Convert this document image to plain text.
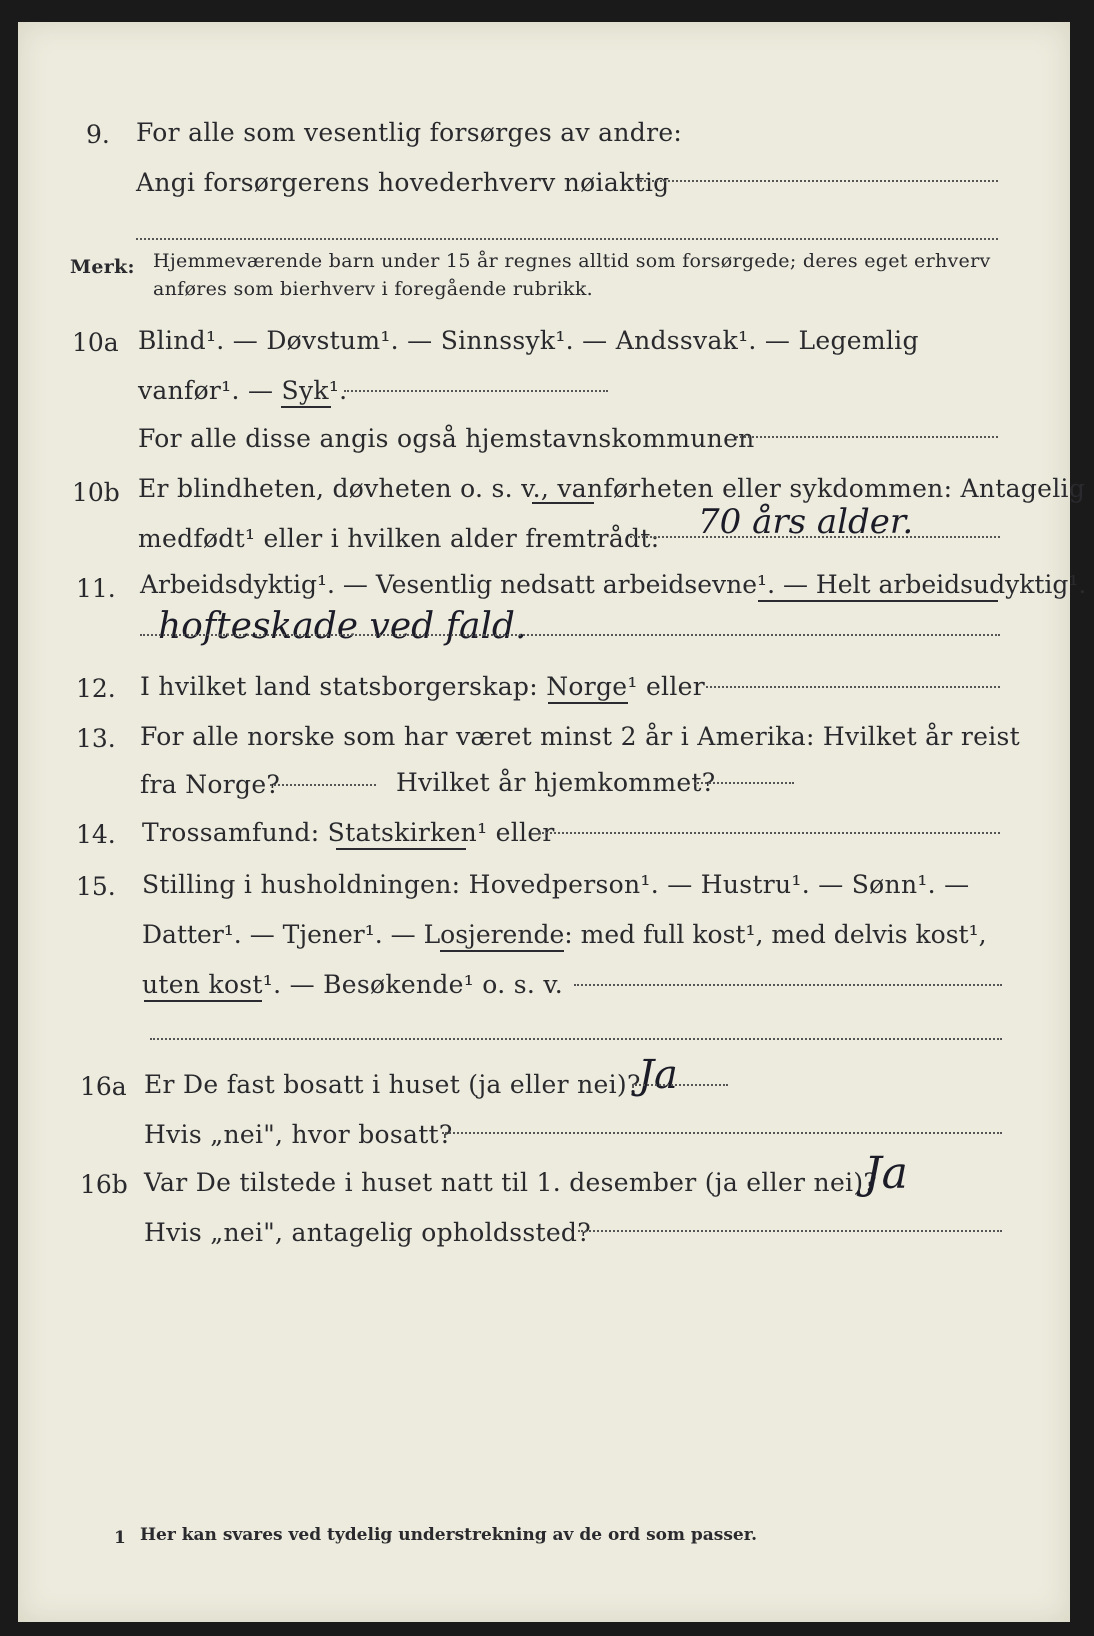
9. For alle som vesentlig forsørges av andre:
Angi forsørgerens hovederhverv nøiaktig
Merk: Hjemmeværende barn under 15 år regnes alltid som forsørgede; deres eget erhverv
anføres som bierhverv i foregående rubrikk.
10a Blind¹. — Døvstum¹. — Sinnssyk¹. — Andssvak¹. — Legemlig
vanfør¹. — Syk¹.
For alle disse angis også hjemstavnskommunen
10b Er blindheten, døvheten o. s. v., vanførheten eller sykdommen: Antagelig
medfødt¹ eller i hvilken alder fremtrådt: 70 års alder.
11. Arbeidsdyktig¹. — Vesentlig nedsatt arbeidsevne¹. — Helt arbeidsudyktig¹.
hofteskade ved fald.
12. I hvilket land statsborgerskap: Norge¹ eller
13. For alle norske som har været minst 2 år i Amerika: Hvilket år reist
fra Norge?	Hvilket år hjemkommet?
14. Trossamfund: Statskirken¹ eller
15. Stilling i husholdningen: Hovedperson¹. — Hustru¹. — Sønn¹. —
Datter¹. — Tjener¹. — Losjerende: med full kost¹, med delvis kost¹,
uten kost¹. — Besøkende¹ o. s. v.
16a Er De fast bosatt i huset (ja eller nei)?
Ja
Hvis „nei", hvor bosatt?
16b Var De tilstede i huset natt til 1. desember (ja eller nei)?
Ja
Hvis „nei", antagelig opholdssted?
1 Her kan svares ved tydelig understrekning av de ord som passer.
